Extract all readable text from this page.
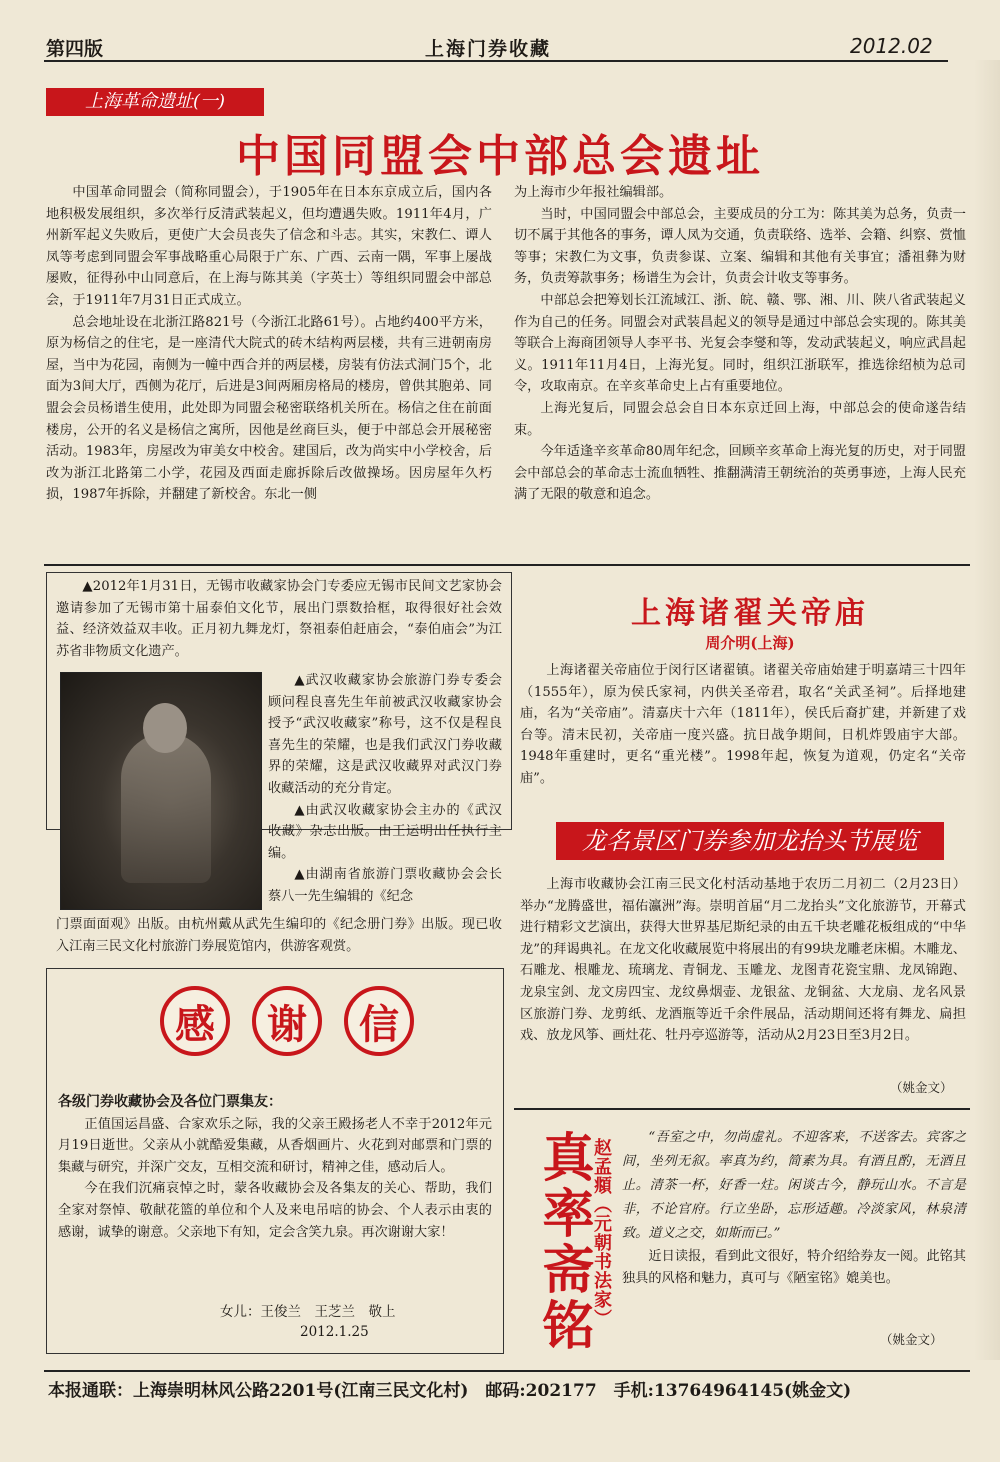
第四版	上海门券收藏	2012.02
上海革命遗址(一)
中国同盟会中部总会遗址

中国革命同盟会（简称同盟会），于1905年在日本东京成立后，国内各地积极发展组织，多次举行反清武装起义，但均遭遇失败。1911年4月，广州新军起义失败后，更使广大会员丧失了信念和斗志。其实，宋教仁、谭人凤等考虑到同盟会军事战略重心局限于广东、广西、云南一隅，军事上屡战屡败，征得孙中山同意后，在上海与陈其美（字英士）等组织同盟会中部总会，于1911年7月31日正式成立。

总会地址设在北浙江路821号（今浙江北路61号）。占地约400平方米，原为杨信之的住宅，是一座清代大院式的砖木结构两层楼，共有三进朝南房屋，当中为花园，南侧为一幢中西合并的两层楼，房装有仿法式洞门5个，北面为3间大厅，西侧为花厅，后进是3间两厢房格局的楼房，曾供其胞弟、同盟会会员杨谱生使用，此处即为同盟会秘密联络机关所在。杨信之住在前面楼房，公开的名义是杨信之寓所，因他是丝商巨头，便于中部总会开展秘密活动。1983年，房屋改为审美女中校舍。建国后，改为尚实中小学校舍，后改为浙江北路第二小学，花园及西面走廊拆除后改做操场。因房屋年久朽损，1987年拆除，并翻建了新校舍。东北一侧

为上海市少年报社编辑部。

当时，中国同盟会中部总会，主要成员的分工为：陈其美为总务，负责一切不属于其他各的事务，谭人凤为交通，负责联络、选举、会籍、纠察、赏恤等事；宋教仁为文事，负责参谋、立案、编辑和其他有关事宜；潘祖彝为财务，负责筹款事务；杨谱生为会计，负责会计收支等事务。

中部总会把筹划长江流域江、浙、皖、赣、鄂、湘、川、陕八省武装起义作为自己的任务。同盟会对武装昌起义的领导是通过中部总会实现的。陈其美等联合上海商团领导人李平书、光复会李燮和等，发动武装起义，响应武昌起义。1911年11月4日，上海光复。同时，组织江浙联军，推选徐绍桢为总司令，攻取南京。在辛亥革命史上占有重要地位。

上海光复后，同盟会总会自日本东京迁回上海，中部总会的使命遂告结束。

今年适逢辛亥革命80周年纪念，回顾辛亥革命上海光复的历史，对于同盟会中部总会的革命志士流血牺牲、推翻满清王朝统治的英勇事迹，上海人民充满了无限的敬意和追念。

▲2012年1月31日，无锡市收藏家协会门专委应无锡市民间文艺家协会邀请参加了无锡市第十届泰伯文化节，展出门票数拾框，取得很好社会效益、经济效益双丰收。正月初九舞龙灯，祭祖泰伯赶庙会，“泰伯庙会”为江苏省非物质文化遗产。

▲武汉收藏家协会旅游门券专委会顾问程良喜先生年前被武汉收藏家协会授予“武汉收藏家”称号，这不仅是程良喜先生的荣耀，也是我们武汉门券收藏界的荣耀，这是武汉收藏界对武汉门券收藏活动的充分肯定。

▲由武汉收藏家协会主办的《武汉收藏》杂志出版。由王运明出任执行主编。

▲由湖南省旅游门票收藏协会会长蔡八一先生编辑的《纪念

门票面面观》出版。由杭州戴从武先生编印的《纪念册门券》出版。现已收入江南三民文化村旅游门券展览馆内，供游客观赏。

感	谢	信

各级门券收藏协会及各位门票集友：

正值国运昌盛、合家欢乐之际，我的父亲王殿扬老人不幸于2012年元月19日逝世。父亲从小就酷爱集藏，从香烟画片、火花到对邮票和门票的集藏与研究，并深广交友，互相交流和研讨，精神之佳，感动后人。

今在我们沉痛哀悼之时，蒙各收藏协会及各集友的关心、帮助，我们全家对祭悼、敬献花篮的单位和个人及来电吊唁的协会、个人表示由衷的感谢，诚挚的谢意。父亲地下有知，定会含笑九泉。再次谢谢大家！

女儿：王俊兰　王芝兰　敬上
2012.1.25
上海诸翟关帝庙
周介明(上海)

上海诸翟关帝庙位于闵行区诸翟镇。诸翟关帝庙始建于明嘉靖三十四年（1555年），原为侯氏家祠，内供关圣帝君，取名“关武圣祠”。后择地建庙，名为“关帝庙”。清嘉庆十六年（1811年），侯氏后裔扩建，并新建了戏台等。清末民初，关帝庙一度兴盛。抗日战争期间，日机炸毁庙宇大部。1948年重建时，更名“重光楼”。1998年起，恢复为道观，仍定名“关帝庙”。

龙名景区门券参加龙抬头节展览

上海市收藏协会江南三民文化村活动基地于农历二月初二（2月23日）举办“龙腾盛世，福佑瀛洲”海。崇明首届“月二龙抬头”文化旅游节，开幕式进行精彩文艺演出，获得大世界基尼斯纪录的由五千块老雕花板组成的“中华龙”的拜谒典礼。在龙文化收藏展览中将展出的有99块龙雕老床楣。木雕龙、石雕龙、根雕龙、琉璃龙、青铜龙、玉雕龙、龙图青花瓷宝鼎、龙凤锦跑、龙泉宝剑、龙文房四宝、龙纹鼻烟壶、龙银盆、龙铜盆、大龙扇、龙名风景区旅游门券、龙剪纸、龙酒瓶等近千余件展品，活动期间还将有舞龙、扁担戏、放龙风筝、画灶花、牡丹亭巡游等，活动从2月23日至3月2日。

（姚金文）
真率斋铭
赵孟頫（元朝书法家）

“吾室之中，勿尚虚礼。不迎客来，不送客去。宾客之间，坐列无叙。率真为约，简素为具。有酒且酌，无酒且止。清茶一杯，好香一炷。闲谈古今，静玩山水。不言是非，不论官府。行立坐卧，忘形适趣。冷淡家风，林泉清致。道义之交，如斯而已。”

近日读报，看到此文很好，特介绍给券友一阅。此铭其独具的风格和魅力，真可与《陋室铭》媲美也。

（姚金文）
本报通联：上海崇明林风公路2201号(江南三民文化村)　邮码:202177　手机:13764964145(姚金文)
